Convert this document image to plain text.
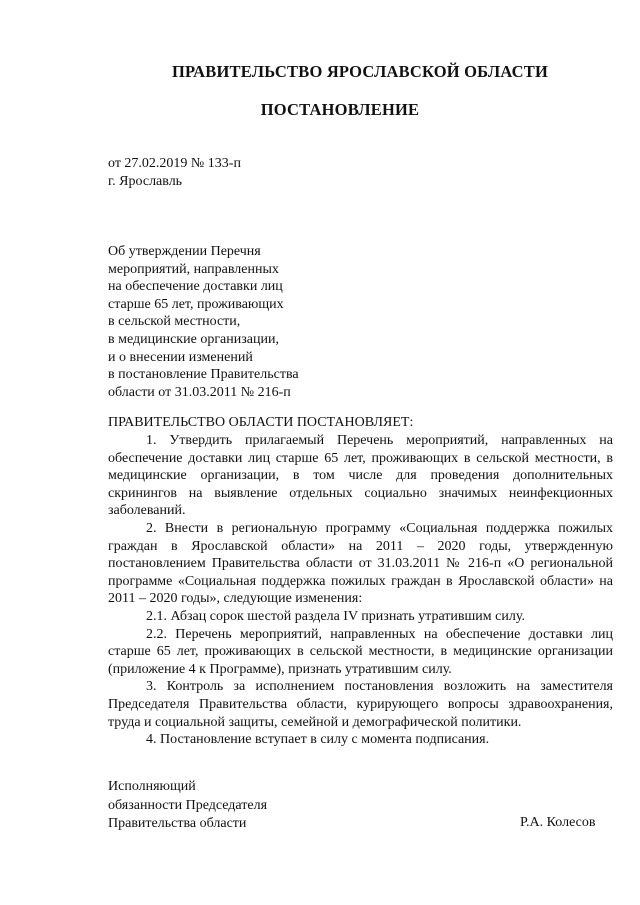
ПРАВИТЕЛЬСТВО ЯРОСЛАВСКОЙ ОБЛАСТИ
ПОСТАНОВЛЕНИЕ
от 27.02.2019 № 133-п
г. Ярославль
Об утверждении Перечня
мероприятий, направленных
на обеспечение доставки лиц
старше 65 лет, проживающих
в сельской местности,
в медицинские организации,
и о внесении изменений
в постановление Правительства
области от 31.03.2011 № 216-п
ПРАВИТЕЛЬСТВО ОБЛАСТИ ПОСТАНОВЛЯЕТ:

1. Утвердить прилагаемый Перечень мероприятий, направленных на обеспечение доставки лиц старше 65 лет, проживающих в сельской местности, в медицинские организации, в том числе для проведения дополнительных скринингов на выявление отдельных социально значимых неинфекционных заболеваний.

2. Внести в региональную программу «Социальная поддержка пожилых граждан в Ярославской области» на 2011 – 2020 годы, утвержденную постановлением Правительства области от 31.03.2011 № 216-п «О региональной программе «Социальная поддержка пожилых граждан в Ярославской области» на 2011 – 2020 годы», следующие изменения:

2.1. Абзац сорок шестой раздела IV признать утратившим силу.

2.2. Перечень мероприятий, направленных на обеспечение доставки лиц старше 65 лет, проживающих в сельской местности, в медицинские организации (приложение 4 к Программе), признать утратившим силу.

3. Контроль за исполнением постановления возложить на заместителя Председателя Правительства области, курирующего вопросы здравоохранения, труда и социальной защиты, семейной и демографической политики.

4. Постановление вступает в силу с момента подписания.

Исполняющий
обязанности Председателя
Правительства области	Р.А. Колесов
